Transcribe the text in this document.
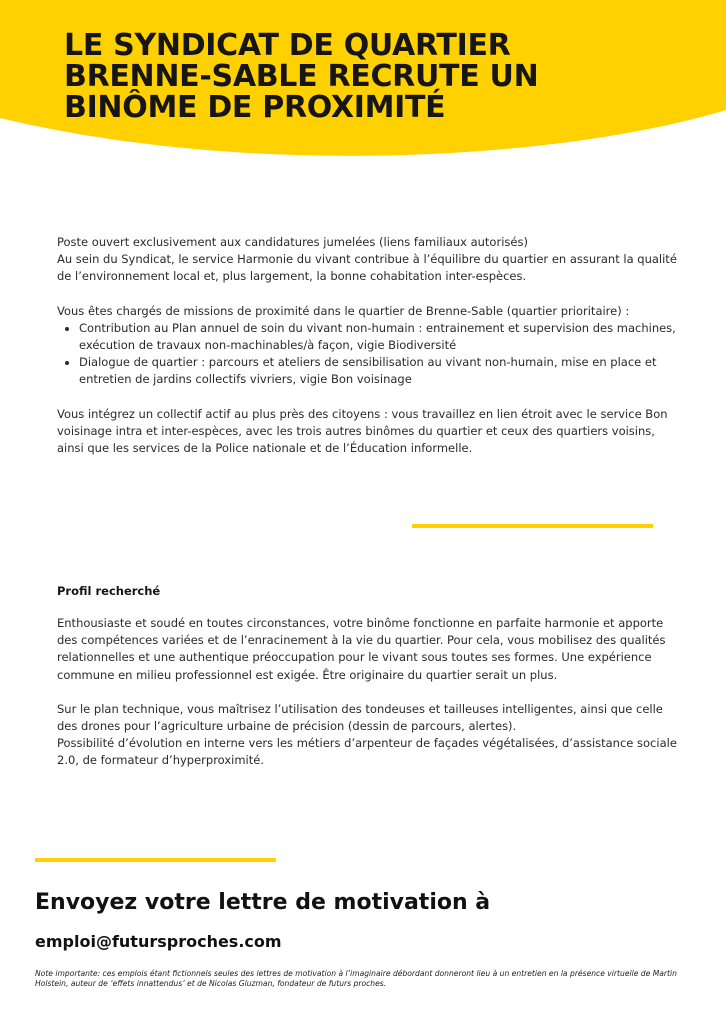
LE SYNDICAT DE QUARTIER
BRENNE-SABLE RECRUTE UN
BINÔME DE PROXIMITÉ

Poste ouvert exclusivement aux candidatures jumelées (liens familiaux autorisés)

Au sein du Syndicat, le service Harmonie du vivant contribue à l’équilibre du quartier en assurant la qualité de l’environnement local et, plus largement, la bonne cohabitation inter-espèces.

Vous êtes chargés de missions de proximité dans le quartier de Brenne-Sable (quartier prioritaire) :

• Contribution au Plan annuel de soin du vivant non-humain : entrainement et supervision des machines, exécution de travaux non-machinables/à façon, vigie Biodiversité
• Dialogue de quartier : parcours et ateliers de sensibilisation au vivant non-humain, mise en place et entretien de jardins collectifs vivriers, vigie Bon voisinage

Vous intégrez un collectif actif au plus près des citoyens : vous travaillez en lien étroit avec le service Bon voisinage intra et inter-espèces, avec les trois autres binômes du quartier et ceux des quartiers voisins, ainsi que les services de la Police nationale et de l’Éducation informelle.

Profil recherché

Enthousiaste et soudé en toutes circonstances, votre binôme fonctionne en parfaite harmonie et apporte des compétences variées et de l’enracinement à la vie du quartier. Pour cela, vous mobilisez des qualités relationnelles et une authentique préoccupation pour le vivant sous toutes ses formes. Une expérience commune en milieu professionnel est exigée. Être originaire du quartier serait un plus.

Sur le plan technique, vous maîtrisez l’utilisation des tondeuses et tailleuses intelligentes, ainsi que celle des drones pour l’agriculture urbaine de précision (dessin de parcours, alertes).

Possibilité d’évolution en interne vers les métiers d’arpenteur de façades végétalisées, d’assistance sociale 2.0, de formateur d’hyperproximité.

Envoyez votre lettre de motivation à

emploi@futursproches.com

Note importante: ces emplois étant fictionnels seules des lettres de motivation à l’imaginaire débordant donneront lieu à un entretien en la présence virtuelle de Martin Holstein, auteur de ‘effets innattendus’ et de Nicolas Gluzman, fondateur de futurs proches.
